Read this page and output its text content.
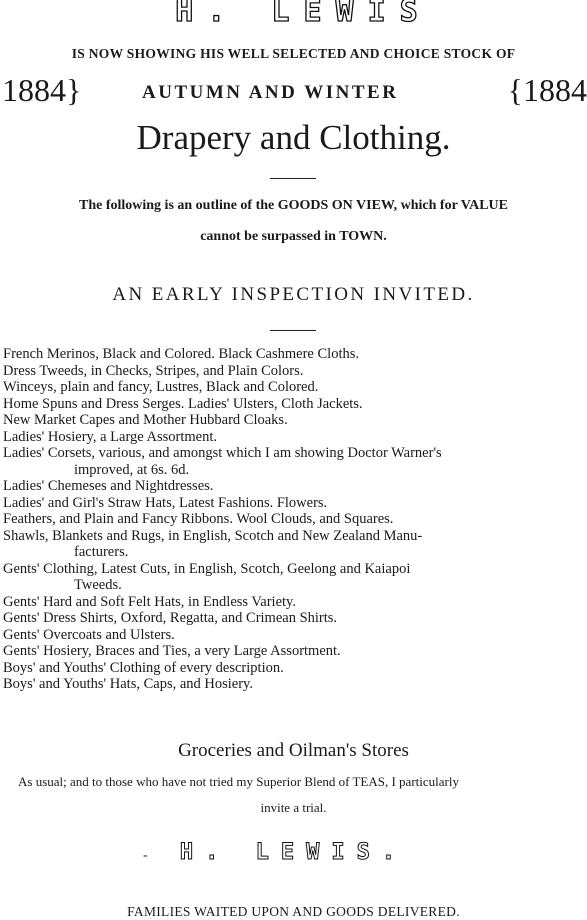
H. LEWIS
IS NOW SHOWING HIS WELL SELECTED AND CHOICE STOCK OF
1884}	AUTUMN AND WINTER	{1884
Drapery and Clothing.
The following is an outline of the GOODS ON VIEW, which for VALUE
cannot be surpassed in TOWN.
AN EARLY INSPECTION INVITED.
French Merinos, Black and Colored. Black Cashmere Cloths.
Dress Tweeds, in Checks, Stripes, and Plain Colors.
Winceys, plain and fancy, Lustres, Black and Colored.
Home Spuns and Dress Serges. Ladies' Ulsters, Cloth Jackets.
New Market Capes and Mother Hubbard Cloaks.
Ladies' Hosiery, a Large Assortment.
Ladies' Corsets, various, and amongst which I am showing Doctor Warner's
improved, at 6s. 6d.
Ladies' Chemeses and Nightdresses.
Ladies' and Girl's Straw Hats, Latest Fashions. Flowers.
Feathers, and Plain and Fancy Ribbons. Wool Clouds, and Squares.
Shawls, Blankets and Rugs, in English, Scotch and New Zealand Manu-
facturers.
Gents' Clothing, Latest Cuts, in English, Scotch, Geelong and Kaiapoi
Tweeds.
Gents' Hard and Soft Felt Hats, in Endless Variety.
Gents' Dress Shirts, Oxford, Regatta, and Crimean Shirts.
Gents' Overcoats and Ulsters.
Gents' Hosiery, Braces and Ties, a very Large Assortment.
Boys' and Youths' Clothing of every description.
Boys' and Youths' Hats, Caps, and Hosiery.
Groceries and Oilman's Stores
As usual; and to those who have not tried my Superior Blend of TEAS, I particularly
invite a trial.
-	H. LEWIS.
FAMILIES WAITED UPON AND GOODS DELIVERED.
